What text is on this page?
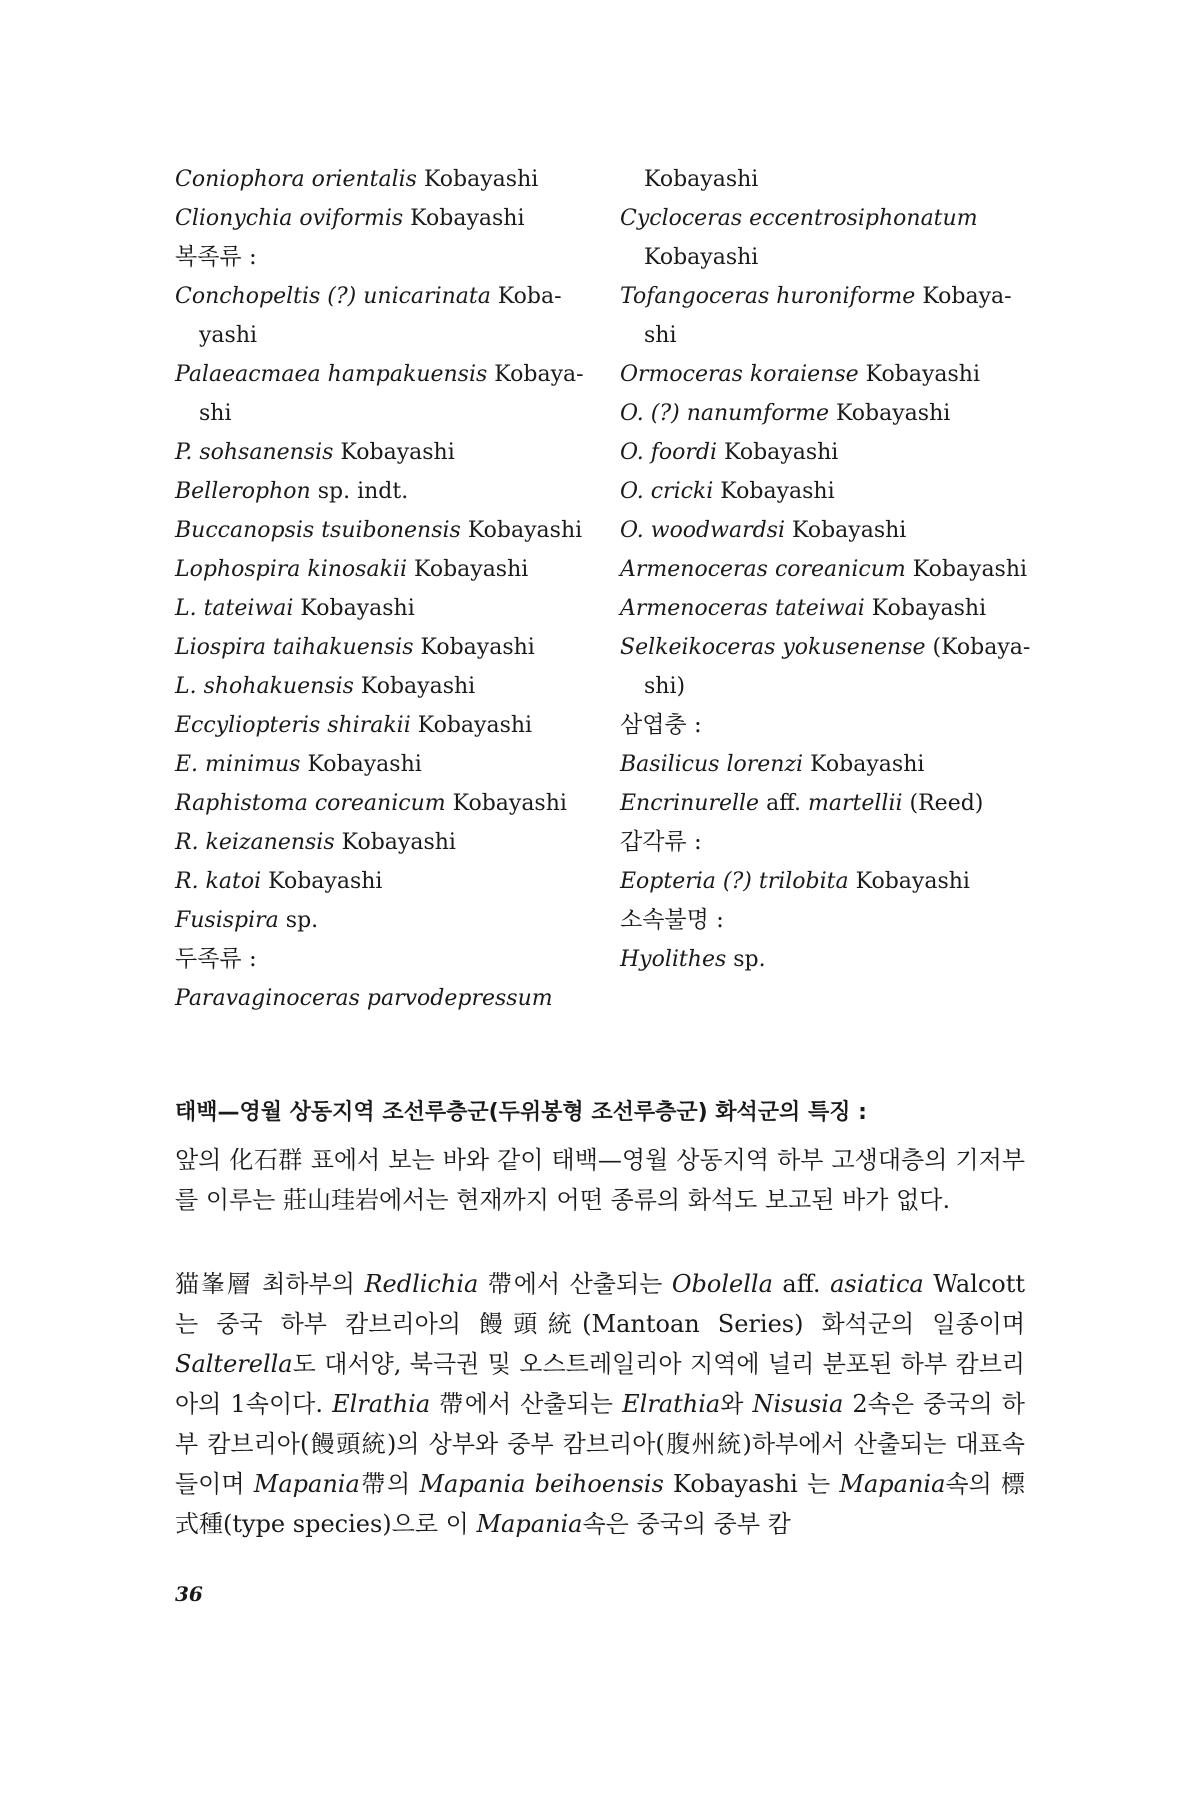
Coniophora orientalis Kobayashi
Clionychia oviformis Kobayashi
복족류 :
Conchopeltis (?) unicarinata Koba-
yashi
Palaeacmaea hampakuensis Kobaya-
shi
P. sohsanensis Kobayashi
Bellerophon sp. indt.
Buccanopsis tsuibonensis Kobayashi
Lophospira kinosakii Kobayashi
L. tateiwai Kobayashi
Liospira taihakuensis Kobayashi
L. shohakuensis Kobayashi
Eccyliopteris shirakii Kobayashi
E. minimus Kobayashi
Raphistoma coreanicum Kobayashi
R. keizanensis Kobayashi
R. katoi Kobayashi
Fusispira sp.
두족류 :
Paravaginoceras parvodepressum
Kobayashi
Cycloceras eccentrosiphonatum
Kobayashi
Tofangoceras huroniforme Kobaya-
shi
Ormoceras koraiense Kobayashi
O. (?) nanumforme Kobayashi
O. foordi Kobayashi
O. cricki Kobayashi
O. woodwardsi Kobayashi
Armenoceras coreanicum Kobayashi
Armenoceras tateiwai Kobayashi
Selkeikoceras yokusenense (Kobaya-
shi)
삼엽충 :
Basilicus lorenzi Kobayashi
Encrinurelle aff. martellii (Reed)
갑각류 :
Eopteria (?) trilobita Kobayashi
소속불명 :
Hyolithes sp.
태백—영월 상동지역 조선루층군(두위봉형 조선루층군) 화석군의 특징 :
앞의 化石群 표에서 보는 바와 같이 태백—영월 상동지역 하부 고생대층의 기저부를 이루는 莊山珪岩에서는 현재까지 어떤 종류의 화석도 보고된 바가 없다.
猫峯層 최하부의 Redlichia 帶에서 산출되는 Obolella aff. asiatica Walcott 는 중국 하부 캄브리아의 饅頭統(Mantoan Series) 화석군의 일종이며 Salterella도 대서양, 북극권 및 오스트레일리아 지역에 널리 분포된 하부 캄브리아의 1속이다. Elrathia 帶에서 산출되는 Elrathia와 Nisusia 2속은 중국의 하부 캄브리아(饅頭統)의 상부와 중부 캄브리아(腹州統)하부에서 산출되는 대표속들이며 Mapania帶의 Mapania beihoensis Kobayashi 는 Mapania속의 標式種(type species)으로 이 Mapania속은 중국의 중부 캄
36
